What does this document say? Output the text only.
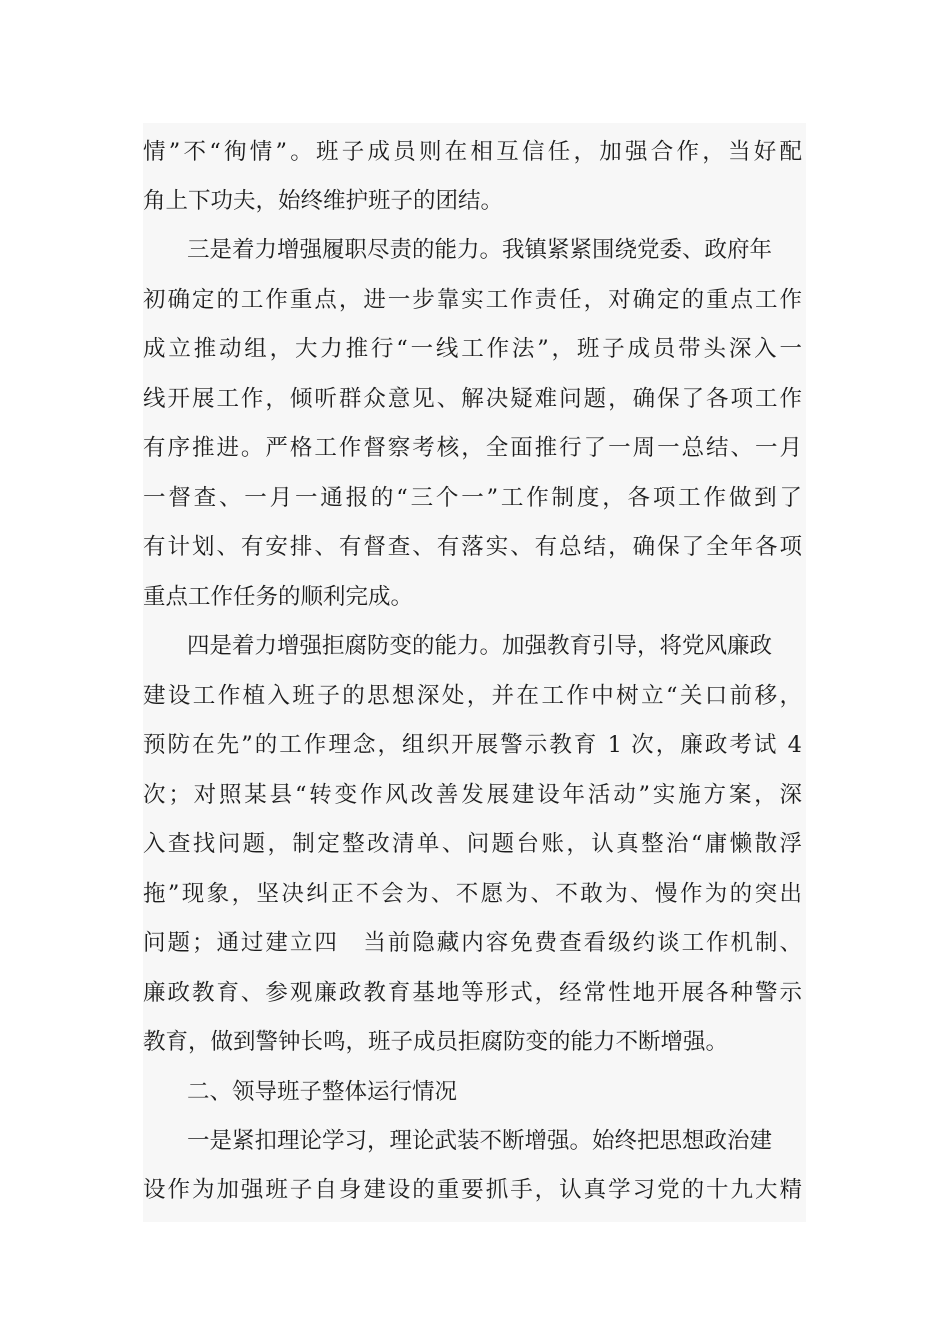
情”不“徇情”。班子成员则在相互信任，加强合作，当好配
角上下功夫，始终维护班子的团结。
三是着力增强履职尽责的能力。我镇紧紧围绕党委、政府年
初确定的工作重点，进一步靠实工作责任，对确定的重点工作
成立推动组，大力推行“一线工作法”，班子成员带头深入一
线开展工作，倾听群众意见、解决疑难问题，确保了各项工作
有序推进。严格工作督察考核，全面推行了一周一总结、一月
一督查、一月一通报的“三个一”工作制度，各项工作做到了
有计划、有安排、有督查、有落实、有总结，确保了全年各项
重点工作任务的顺利完成。
四是着力增强拒腐防变的能力。加强教育引导，将党风廉政
建设工作植入班子的思想深处，并在工作中树立“关口前移，
预防在先”的工作理念，组织开展警示教育 1 次，廉政考试 4
次；对照某县“转变作风改善发展建设年活动”实施方案，深
入查找问题，制定整改清单、问题台账，认真整治“庸懒散浮
拖”现象，坚决纠正不会为、不愿为、不敢为、慢作为的突出
问题；通过建立四　当前隐藏内容免费查看级约谈工作机制、
廉政教育、参观廉政教育基地等形式，经常性地开展各种警示
教育，做到警钟长鸣，班子成员拒腐防变的能力不断增强。
二、领导班子整体运行情况
一是紧扣理论学习，理论武装不断增强。始终把思想政治建
设作为加强班子自身建设的重要抓手，认真学习党的十九大精
